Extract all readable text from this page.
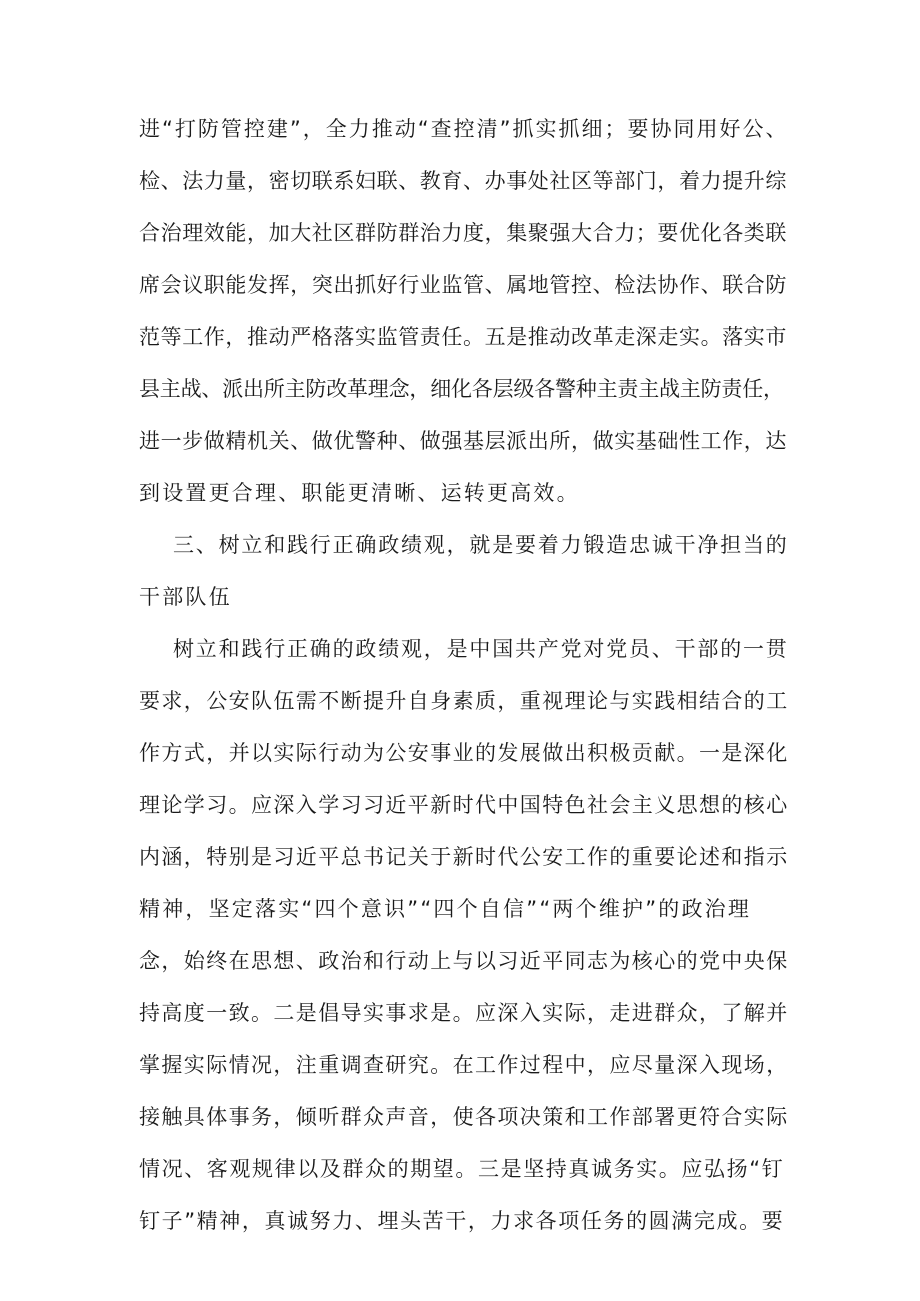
进“打防管控建”，全力推动“查控清”抓实抓细；要协同用好公、
检、法力量，密切联系妇联、教育、办事处社区等部门，着力提升综
合治理效能，加大社区群防群治力度，集聚强大合力；要优化各类联
席会议职能发挥，突出抓好行业监管、属地管控、检法协作、联合防
范等工作，推动严格落实监管责任。五是推动改革走深走实。落实市
县主战、派出所主防改革理念，细化各层级各警种主责主战主防责任，
进一步做精机关、做优警种、做强基层派出所，做实基础性工作，达
到设置更合理、职能更清晰、运转更高效。
三、树立和践行正确政绩观，就是要着力锻造忠诚干净担当的
干部队伍
树立和践行正确的政绩观，是中国共产党对党员、干部的一贯
要求，公安队伍需不断提升自身素质，重视理论与实践相结合的工
作方式，并以实际行动为公安事业的发展做出积极贡献。一是深化
理论学习。应深入学习习近平新时代中国特色社会主义思想的核心
内涵，特别是习近平总书记关于新时代公安工作的重要论述和指示
精神，坚定落实“四个意识”“四个自信”“两个维护”的政治理
念，始终在思想、政治和行动上与以习近平同志为核心的党中央保
持高度一致。二是倡导实事求是。应深入实际，走进群众，了解并
掌握实际情况，注重调查研究。在工作过程中，应尽量深入现场，
接触具体事务，倾听群众声音，使各项决策和工作部署更符合实际
情况、客观规律以及群众的期望。三是坚持真诚务实。应弘扬“钉
钉子”精神，真诚努力、埋头苦干，力求各项任务的圆满完成。要
